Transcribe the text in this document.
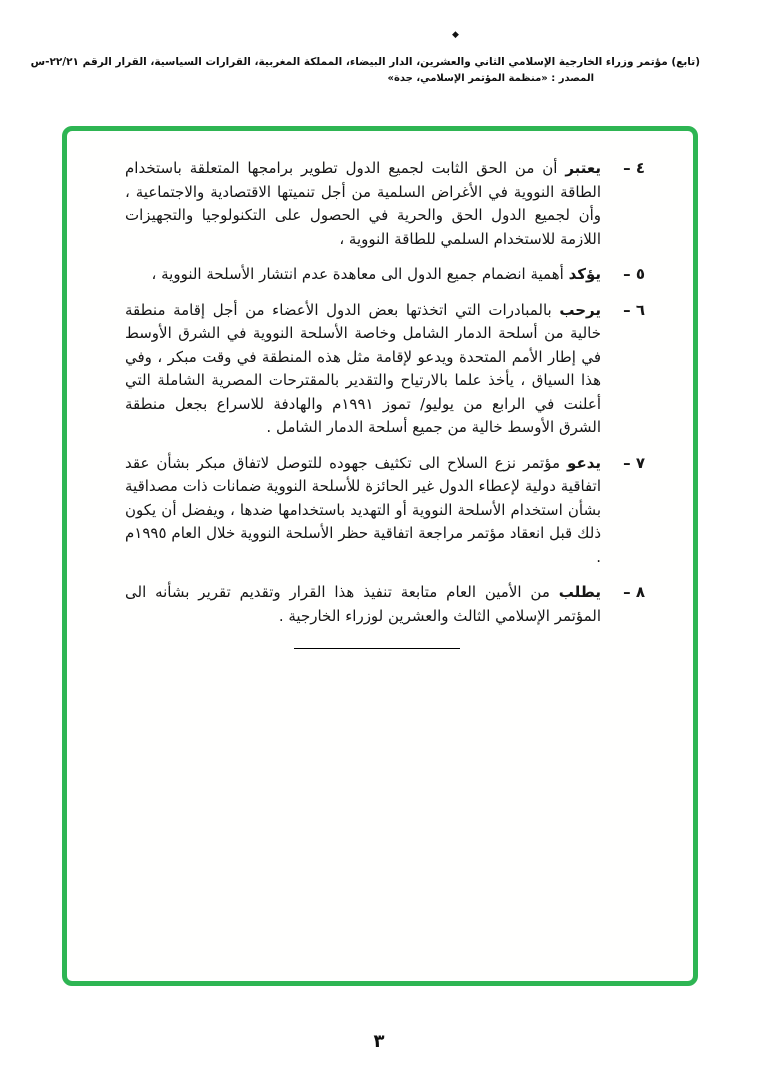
◆
(تابع) مؤتمر وزراء الخارجية الإسلامي الثاني والعشرين، الدار البيضاء، المملكة المغربية، القرارات السياسية، القرار الرقم ٢٢/٢١-س
المصدر : «منظمة المؤتمر الإسلامي، جدة»
٤ –
يعتبر أن من الحق الثابت لجميع الدول تطوير برامجها المتعلقة باستخدام الطاقة النووية في الأغراض السلمية من أجل تنميتها الاقتصادية والاجتماعية ، وأن لجميع الدول الحق والحرية في الحصول على التكنولوجيا والتجهيزات اللازمة للاستخدام السلمي للطاقة النووية ،
٥ –
يؤكد أهمية انضمام جميع الدول الى معاهدة عدم انتشار الأسلحة النووية ،
٦ –
يرحب بالمبادرات التي اتخذتها بعض الدول الأعضاء من أجل إقامة منطقة خالية من أسلحة الدمار الشامل وخاصة الأسلحة النووية في الشرق الأوسط في إطار الأمم المتحدة ويدعو لإقامة مثل هذه المنطقة في وقت مبكر ، وفي هذا السياق ، يأخذ علما بالارتياح والتقدير بالمقترحات المصرية الشاملة التي أعلنت في الرابع من يوليو/ تموز ١٩٩١م والهادفة للاسراع بجعل منطقة الشرق الأوسط خالية من جميع أسلحة الدمار الشامل .
٧ –
يدعو مؤتمر نزع السلاح الى تكثيف جهوده للتوصل لاتفاق مبكر بشأن عقد اتفاقية دولية لإعطاء الدول غير الحائزة للأسلحة النووية ضمانات ذات مصداقية بشأن استخدام الأسلحة النووية أو التهديد باستخدامها ضدها ، ويفضل أن يكون ذلك قبل انعقاد مؤتمر مراجعة اتفاقية حظر الأسلحة النووية خلال العام ١٩٩٥م .
٨ –
يطلب من الأمين العام متابعة تنفيذ هذا القرار وتقديم تقرير بشأنه الى المؤتمر الإسلامي الثالث والعشرين لوزراء الخارجية .
٣
